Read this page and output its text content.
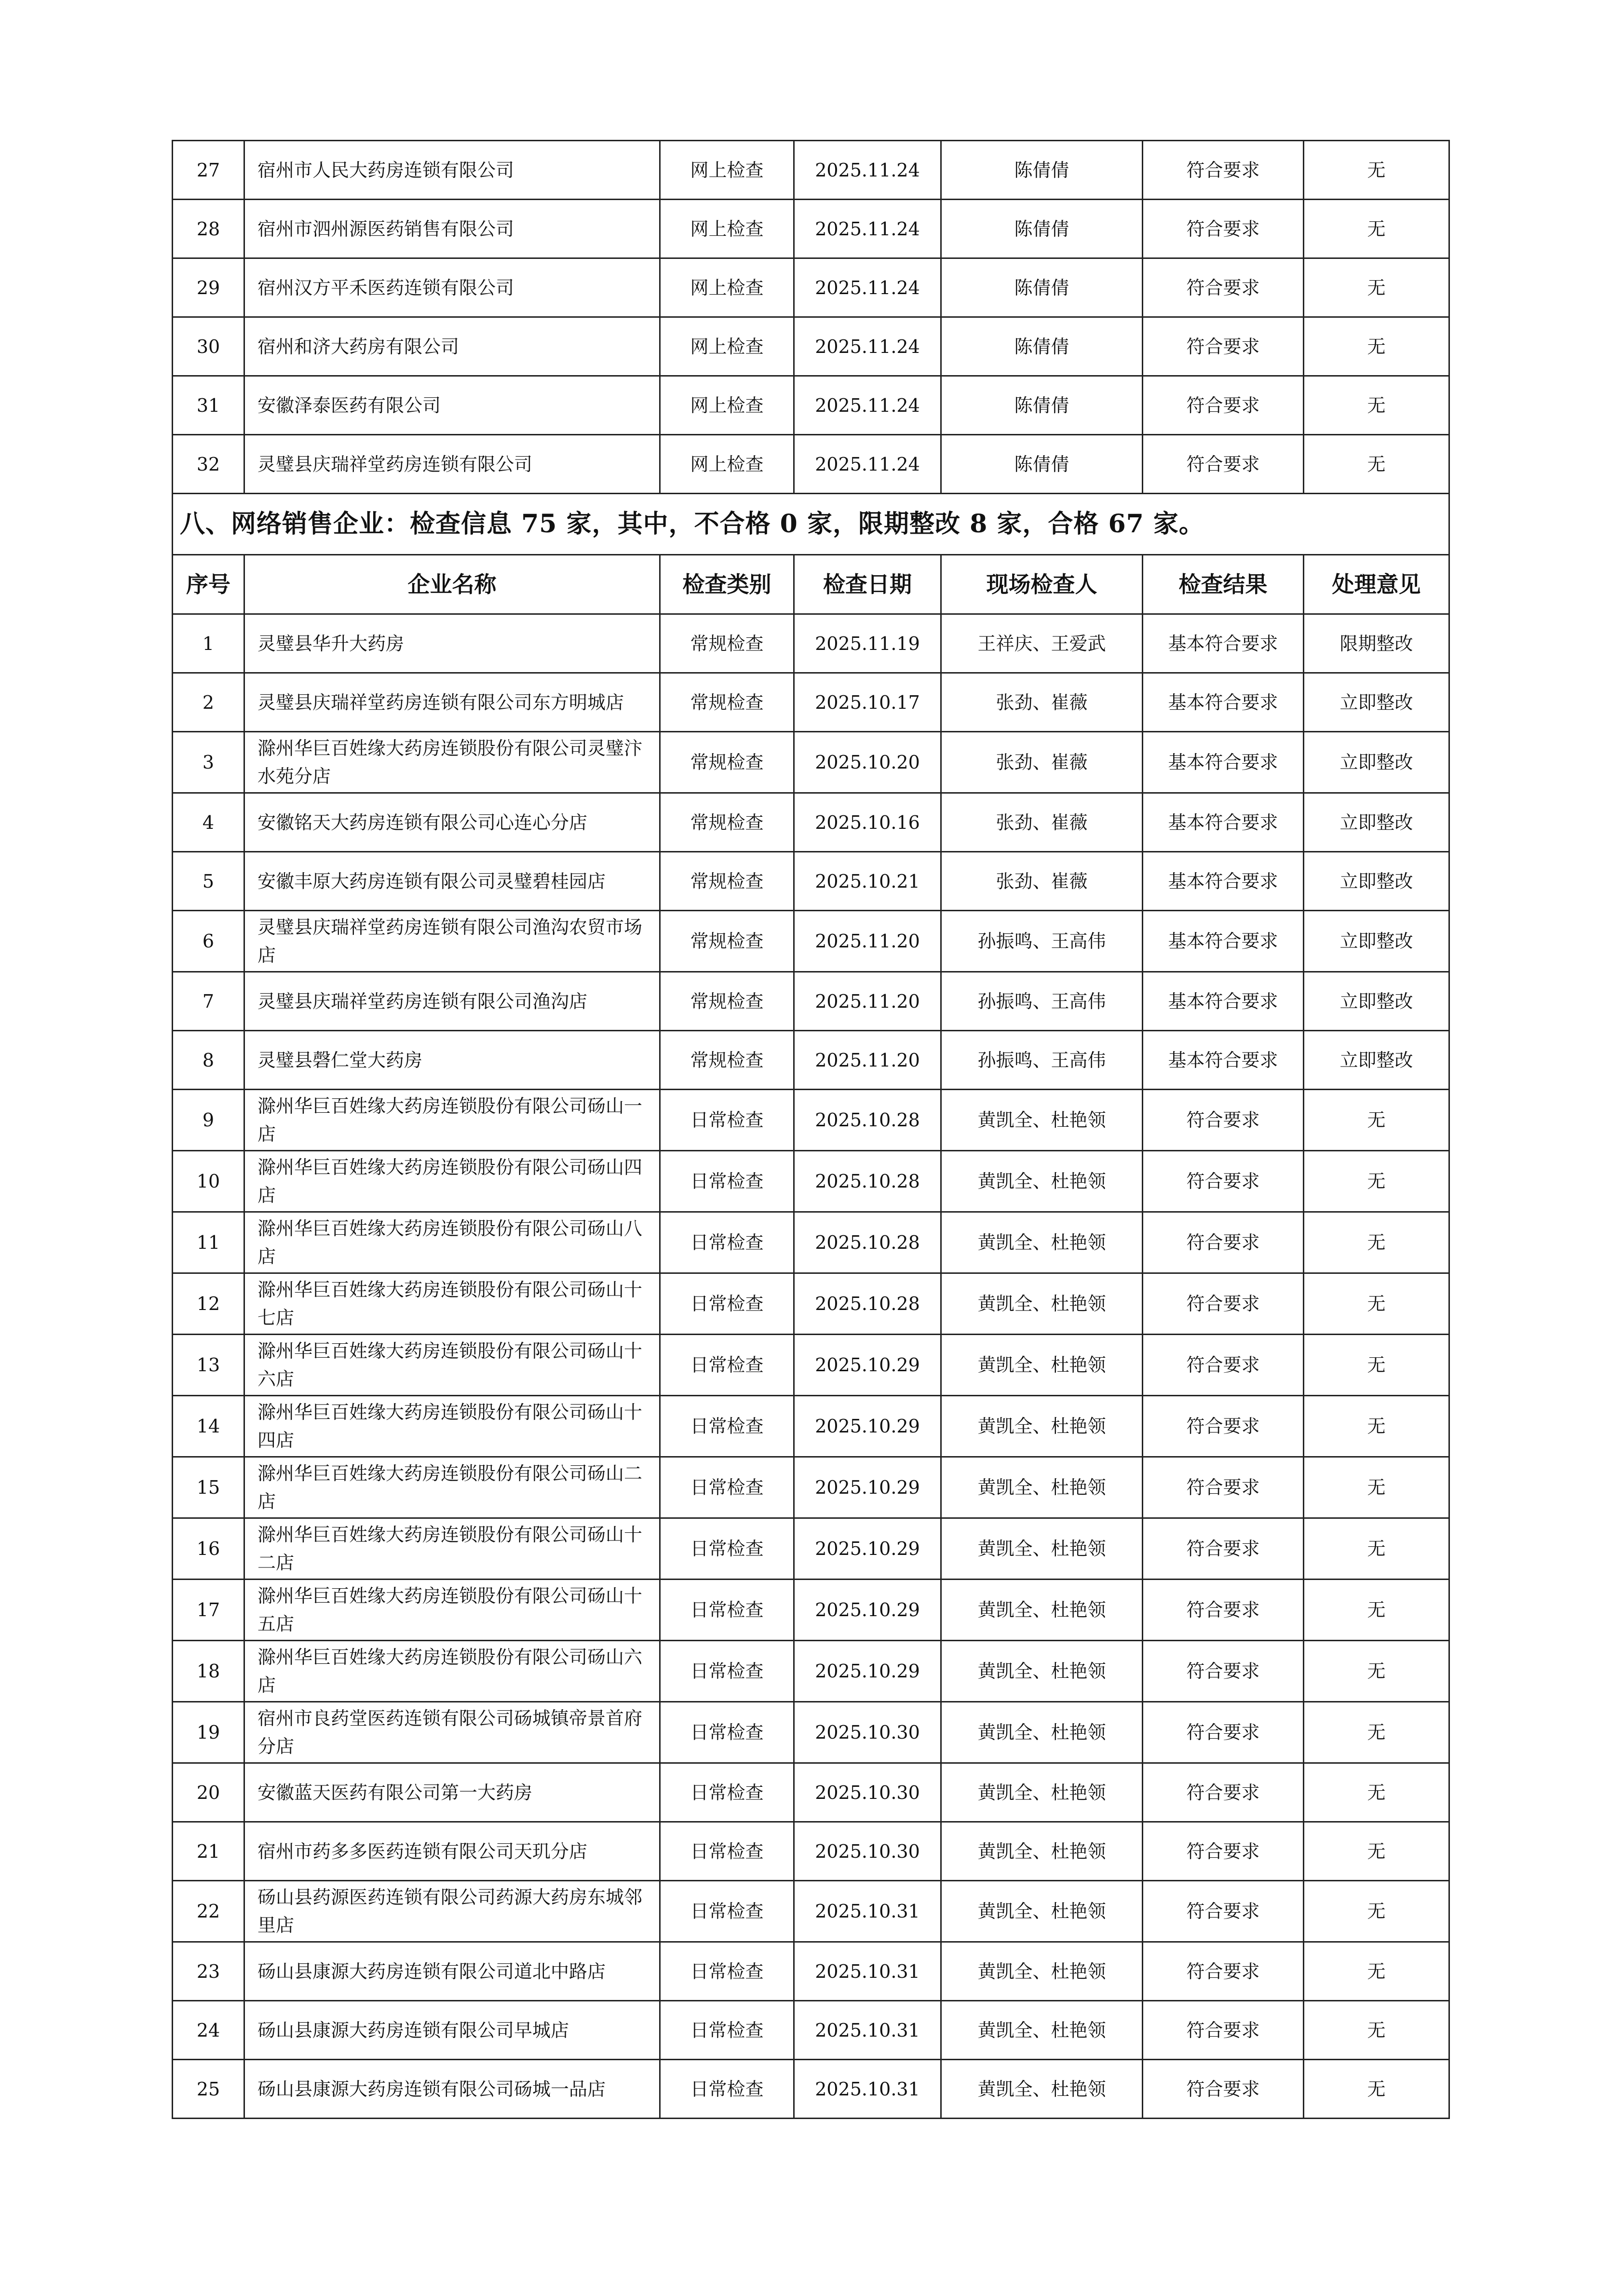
27	宿州市人民大药房连锁有限公司	网上检查	2025.11.24	陈倩倩	符合要求	无
28	宿州市泗州源医药销售有限公司	网上检查	2025.11.24	陈倩倩	符合要求	无
29	宿州汉方平禾医药连锁有限公司	网上检查	2025.11.24	陈倩倩	符合要求	无
30	宿州和济大药房有限公司	网上检查	2025.11.24	陈倩倩	符合要求	无
31	安徽泽泰医药有限公司	网上检查	2025.11.24	陈倩倩	符合要求	无
32	灵璧县庆瑞祥堂药房连锁有限公司	网上检查	2025.11.24	陈倩倩	符合要求	无
八、网络销售企业：检查信息 75 家，其中，不合格 0 家，限期整改 8 家，合格 67 家。						
序号	企业名称	检查类别	检查日期	现场检查人	检查结果	处理意见
1	灵璧县华升大药房	常规检查	2025.11.19	王祥庆、王爱武	基本符合要求	限期整改
2	灵璧县庆瑞祥堂药房连锁有限公司东方明城店	常规检查	2025.10.17	张劲、崔薇	基本符合要求	立即整改
3	滁州华巨百姓缘大药房连锁股份有限公司灵璧汴水苑分店	常规检查	2025.10.20	张劲、崔薇	基本符合要求	立即整改
4	安徽铭天大药房连锁有限公司心连心分店	常规检查	2025.10.16	张劲、崔薇	基本符合要求	立即整改
5	安徽丰原大药房连锁有限公司灵璧碧桂园店	常规检查	2025.10.21	张劲、崔薇	基本符合要求	立即整改
6	灵璧县庆瑞祥堂药房连锁有限公司渔沟农贸市场店	常规检查	2025.11.20	孙振鸣、王高伟	基本符合要求	立即整改
7	灵璧县庆瑞祥堂药房连锁有限公司渔沟店	常规检查	2025.11.20	孙振鸣、王高伟	基本符合要求	立即整改
8	灵璧县磬仁堂大药房	常规检查	2025.11.20	孙振鸣、王高伟	基本符合要求	立即整改
9	滁州华巨百姓缘大药房连锁股份有限公司砀山一店	日常检查	2025.10.28	黄凯全、杜艳领	符合要求	无
10	滁州华巨百姓缘大药房连锁股份有限公司砀山四店	日常检查	2025.10.28	黄凯全、杜艳领	符合要求	无
11	滁州华巨百姓缘大药房连锁股份有限公司砀山八店	日常检查	2025.10.28	黄凯全、杜艳领	符合要求	无
12	滁州华巨百姓缘大药房连锁股份有限公司砀山十七店	日常检查	2025.10.28	黄凯全、杜艳领	符合要求	无
13	滁州华巨百姓缘大药房连锁股份有限公司砀山十六店	日常检查	2025.10.29	黄凯全、杜艳领	符合要求	无
14	滁州华巨百姓缘大药房连锁股份有限公司砀山十四店	日常检查	2025.10.29	黄凯全、杜艳领	符合要求	无
15	滁州华巨百姓缘大药房连锁股份有限公司砀山二店	日常检查	2025.10.29	黄凯全、杜艳领	符合要求	无
16	滁州华巨百姓缘大药房连锁股份有限公司砀山十二店	日常检查	2025.10.29	黄凯全、杜艳领	符合要求	无
17	滁州华巨百姓缘大药房连锁股份有限公司砀山十五店	日常检查	2025.10.29	黄凯全、杜艳领	符合要求	无
18	滁州华巨百姓缘大药房连锁股份有限公司砀山六店	日常检查	2025.10.29	黄凯全、杜艳领	符合要求	无
19	宿州市良药堂医药连锁有限公司砀城镇帝景首府分店	日常检查	2025.10.30	黄凯全、杜艳领	符合要求	无
20	安徽蓝天医药有限公司第一大药房	日常检查	2025.10.30	黄凯全、杜艳领	符合要求	无
21	宿州市药多多医药连锁有限公司天玑分店	日常检查	2025.10.30	黄凯全、杜艳领	符合要求	无
22	砀山县药源医药连锁有限公司药源大药房东城邻里店	日常检查	2025.10.31	黄凯全、杜艳领	符合要求	无
23	砀山县康源大药房连锁有限公司道北中路店	日常检查	2025.10.31	黄凯全、杜艳领	符合要求	无
24	砀山县康源大药房连锁有限公司早城店	日常检查	2025.10.31	黄凯全、杜艳领	符合要求	无
25	砀山县康源大药房连锁有限公司砀城一品店	日常检查	2025.10.31	黄凯全、杜艳领	符合要求	无
